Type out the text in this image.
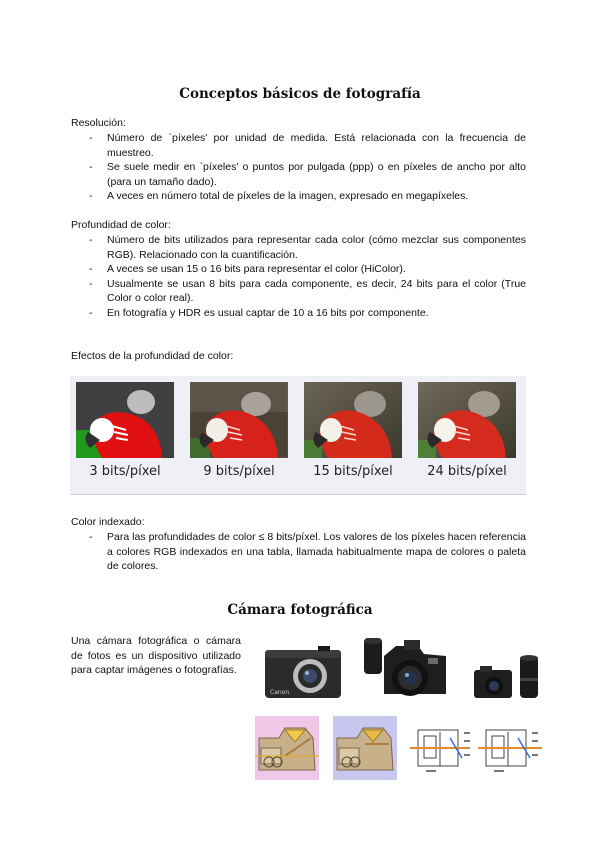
Conceptos básicos de fotografía
Resolución:
- Número de `píxeles' por unidad de medida. Está relacionada con la frecuencia de muestreo.
- Se suele medir en `píxeles' o puntos por pulgada (ppp) o en píxeles de ancho por alto (para un tamaño dado).
- A veces en número total de píxeles de la imagen, expresado en megapíxeles.
Profundidad de color:
- Número de bits utilizados para representar cada color (cómo mezclar sus componentes RGB). Relacionado con la cuantificación.
- A veces se usan 15 o 16 bits para representar el color (HiColor).
- Usualmente se usan 8 bits para cada componente, es decir, 24 bits para el color (True Color o color real).
- En fotografía y HDR es usual captar de 10 a 16 bits por componente.
Efectos de la profundidad de color:
3 bits/píxel	9 bits/píxel	15 bits/píxel	24 bits/píxel
Color indexado:
- Para las profundidades de color ≤ 8 bits/píxel. Los valores de los píxeles hacen referencia a colores RGB indexados en una tabla, llamada habitualmente mapa de colores o paleta de colores.
Cámara fotográfica
Una cámara fotográfica o cámara de fotos es un dispositivo utilizado para captar imágenes o fotografías.
Canon
